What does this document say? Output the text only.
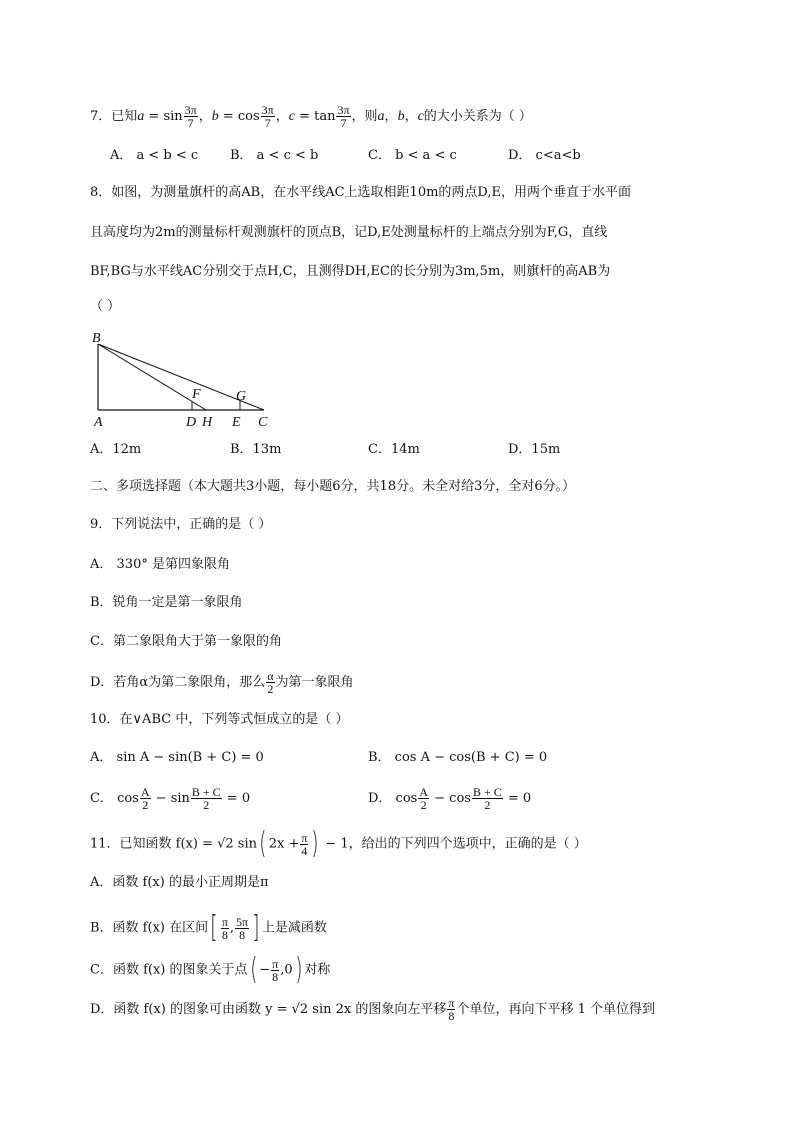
7．已知$a = \sin \frac{3\pi}{7}$ ，$b = \cos \frac{3\pi}{7}$ ，$c = \tan \frac{3\pi}{7}$ ，则a，b，c的大小关系为（ ）
A． a < b < c B． a < c < b	C． b < a < c	D． c<a<b
8．如图，为测量旗杆的高AB，在水平线AC上选取相距10m的两点D,E，用两个垂直于水平面
且高度均为2m的测量标杆观测旗杆的顶点B，记D,E处测量标杆的上端点分别为F,G，直线
BF,BG与水平线AC分别交于点H,C，且测得DH,EC的长分别为3m,5m，则旗杆的高AB为
（ ）
B
A
F	G
D H E C
A．12m	B．13m	C．14m	D．15m
二、多项选择题（本大题共3小题，每小题6分，共18分。未全对给3分，全对6分。）
9．下列说法中，正确的是（ ）
A． 330° 是第四象限角
B．锐角一定是第一象限角
C．第二象限角大于第一象限的角
D．若角α为第二象限角，那么 $\frac{\alpha}{2}$ 为第一象限角
10．在∨ABC 中，下列等式恒成立的是（ ）
A． sin A − sin(B + C) = 0	B． cos A − cos(B + C) = 0
C． $\cos \frac{A}{2} - \sin \frac{B + C}{2} = 0$	D． $\cos \frac{A}{2} - \cos \frac{B + C}{2} = 0$
11．已知函数 f(x) = √2 sin( $2x + \frac{\pi}{4}$ ) − 1，给出的下列四个选项中，正确的是（ ）
A．函数 f(x) 的最小正周期是π
B．函数 f(x) 在区间[ $\frac{\pi}{8}$ , $\frac{5\pi}{8}$ ] 上是减函数
C．函数 f(x) 的图象关于点( − $\frac{\pi}{8} ,0$) 对称
D．函数 f(x) 的图象可由函数 y = √2 sin 2x 的图象向左平移 $\frac{\pi}{8}$ 个单位，再向下平移 1 个单位得到
